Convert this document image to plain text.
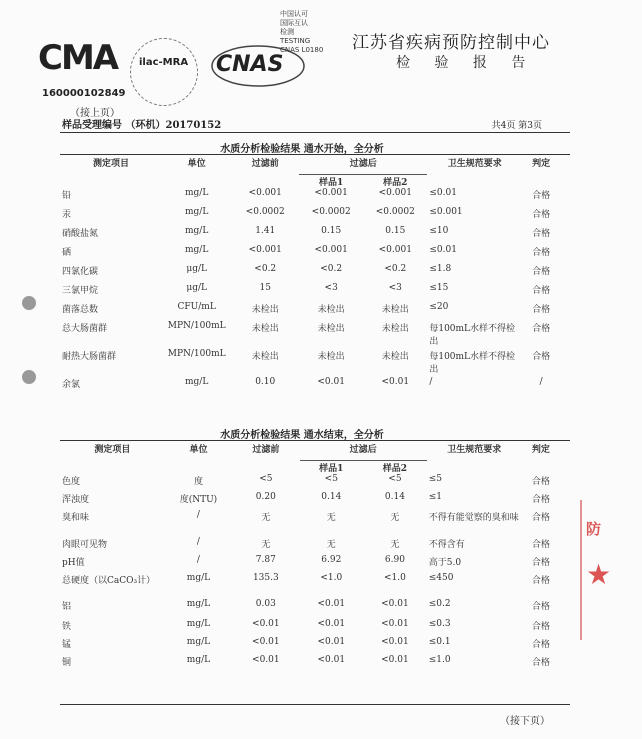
CMA
160000102849
ilac-MRA CNAS
中国认可
国际互认
检测
TESTING
CNAS L0180 江苏省疾病预防控制中心
检 验 报 告
（接上页）
样品受理编号 （环机）20170152	共4页 第3页
水质分析检验结果 通水开始，全分析
测定项目	单位	过滤前	过滤后		卫生规范要求	判定
			样品1	样品2		
铅	mg/L	<0.001	<0.001	<0.001	≤0.01	合格
汞	mg/L	<0.0002	<0.0002	<0.0002	≤0.001	合格
硝酸盐氮	mg/L	1.41	0.15	0.15	≤10	合格
硒	mg/L	<0.001	<0.001	<0.001	≤0.01	合格
四氯化碳	μg/L	<0.2	<0.2	<0.2	≤1.8	合格
三氯甲烷	μg/L	15	<3	<3	≤15	合格
菌落总数	CFU/mL	未检出	未检出	未检出	≤20	合格
总大肠菌群	MPN/100mL	未检出	未检出	未检出	每100mL水样不得检出	合格
耐热大肠菌群	MPN/100mL	未检出	未检出	未检出	每100mL水样不得检出	合格
余氯	mg/L	0.10	<0.01	<0.01	/	/
水质分析检验结果 通水结束，全分析
测定项目	单位	过滤前	过滤后		卫生规范要求	判定
			样品1	样品2		
色度	度	<5	<5	<5	≤5	合格
浑浊度	度(NTU)	0.20	0.14	0.14	≤1	合格
臭和味	/	无	无	无	不得有能觉察的臭和味	合格
肉眼可见物	/	无	无	无	不得含有	合格
pH值	/	7.87	6.92	6.90	高于5.0	合格
总硬度（以CaCO₃计）	mg/L	135.3	<1.0	<1.0	≤450	合格
铝	mg/L	0.03	<0.01	<0.01	≤0.2	合格
铁	mg/L	<0.01	<0.01	<0.01	≤0.3	合格
锰	mg/L	<0.01	<0.01	<0.01	≤0.1	合格
铜	mg/L	<0.01	<0.01	<0.01	≤1.0	合格
（接下页）
防
★
